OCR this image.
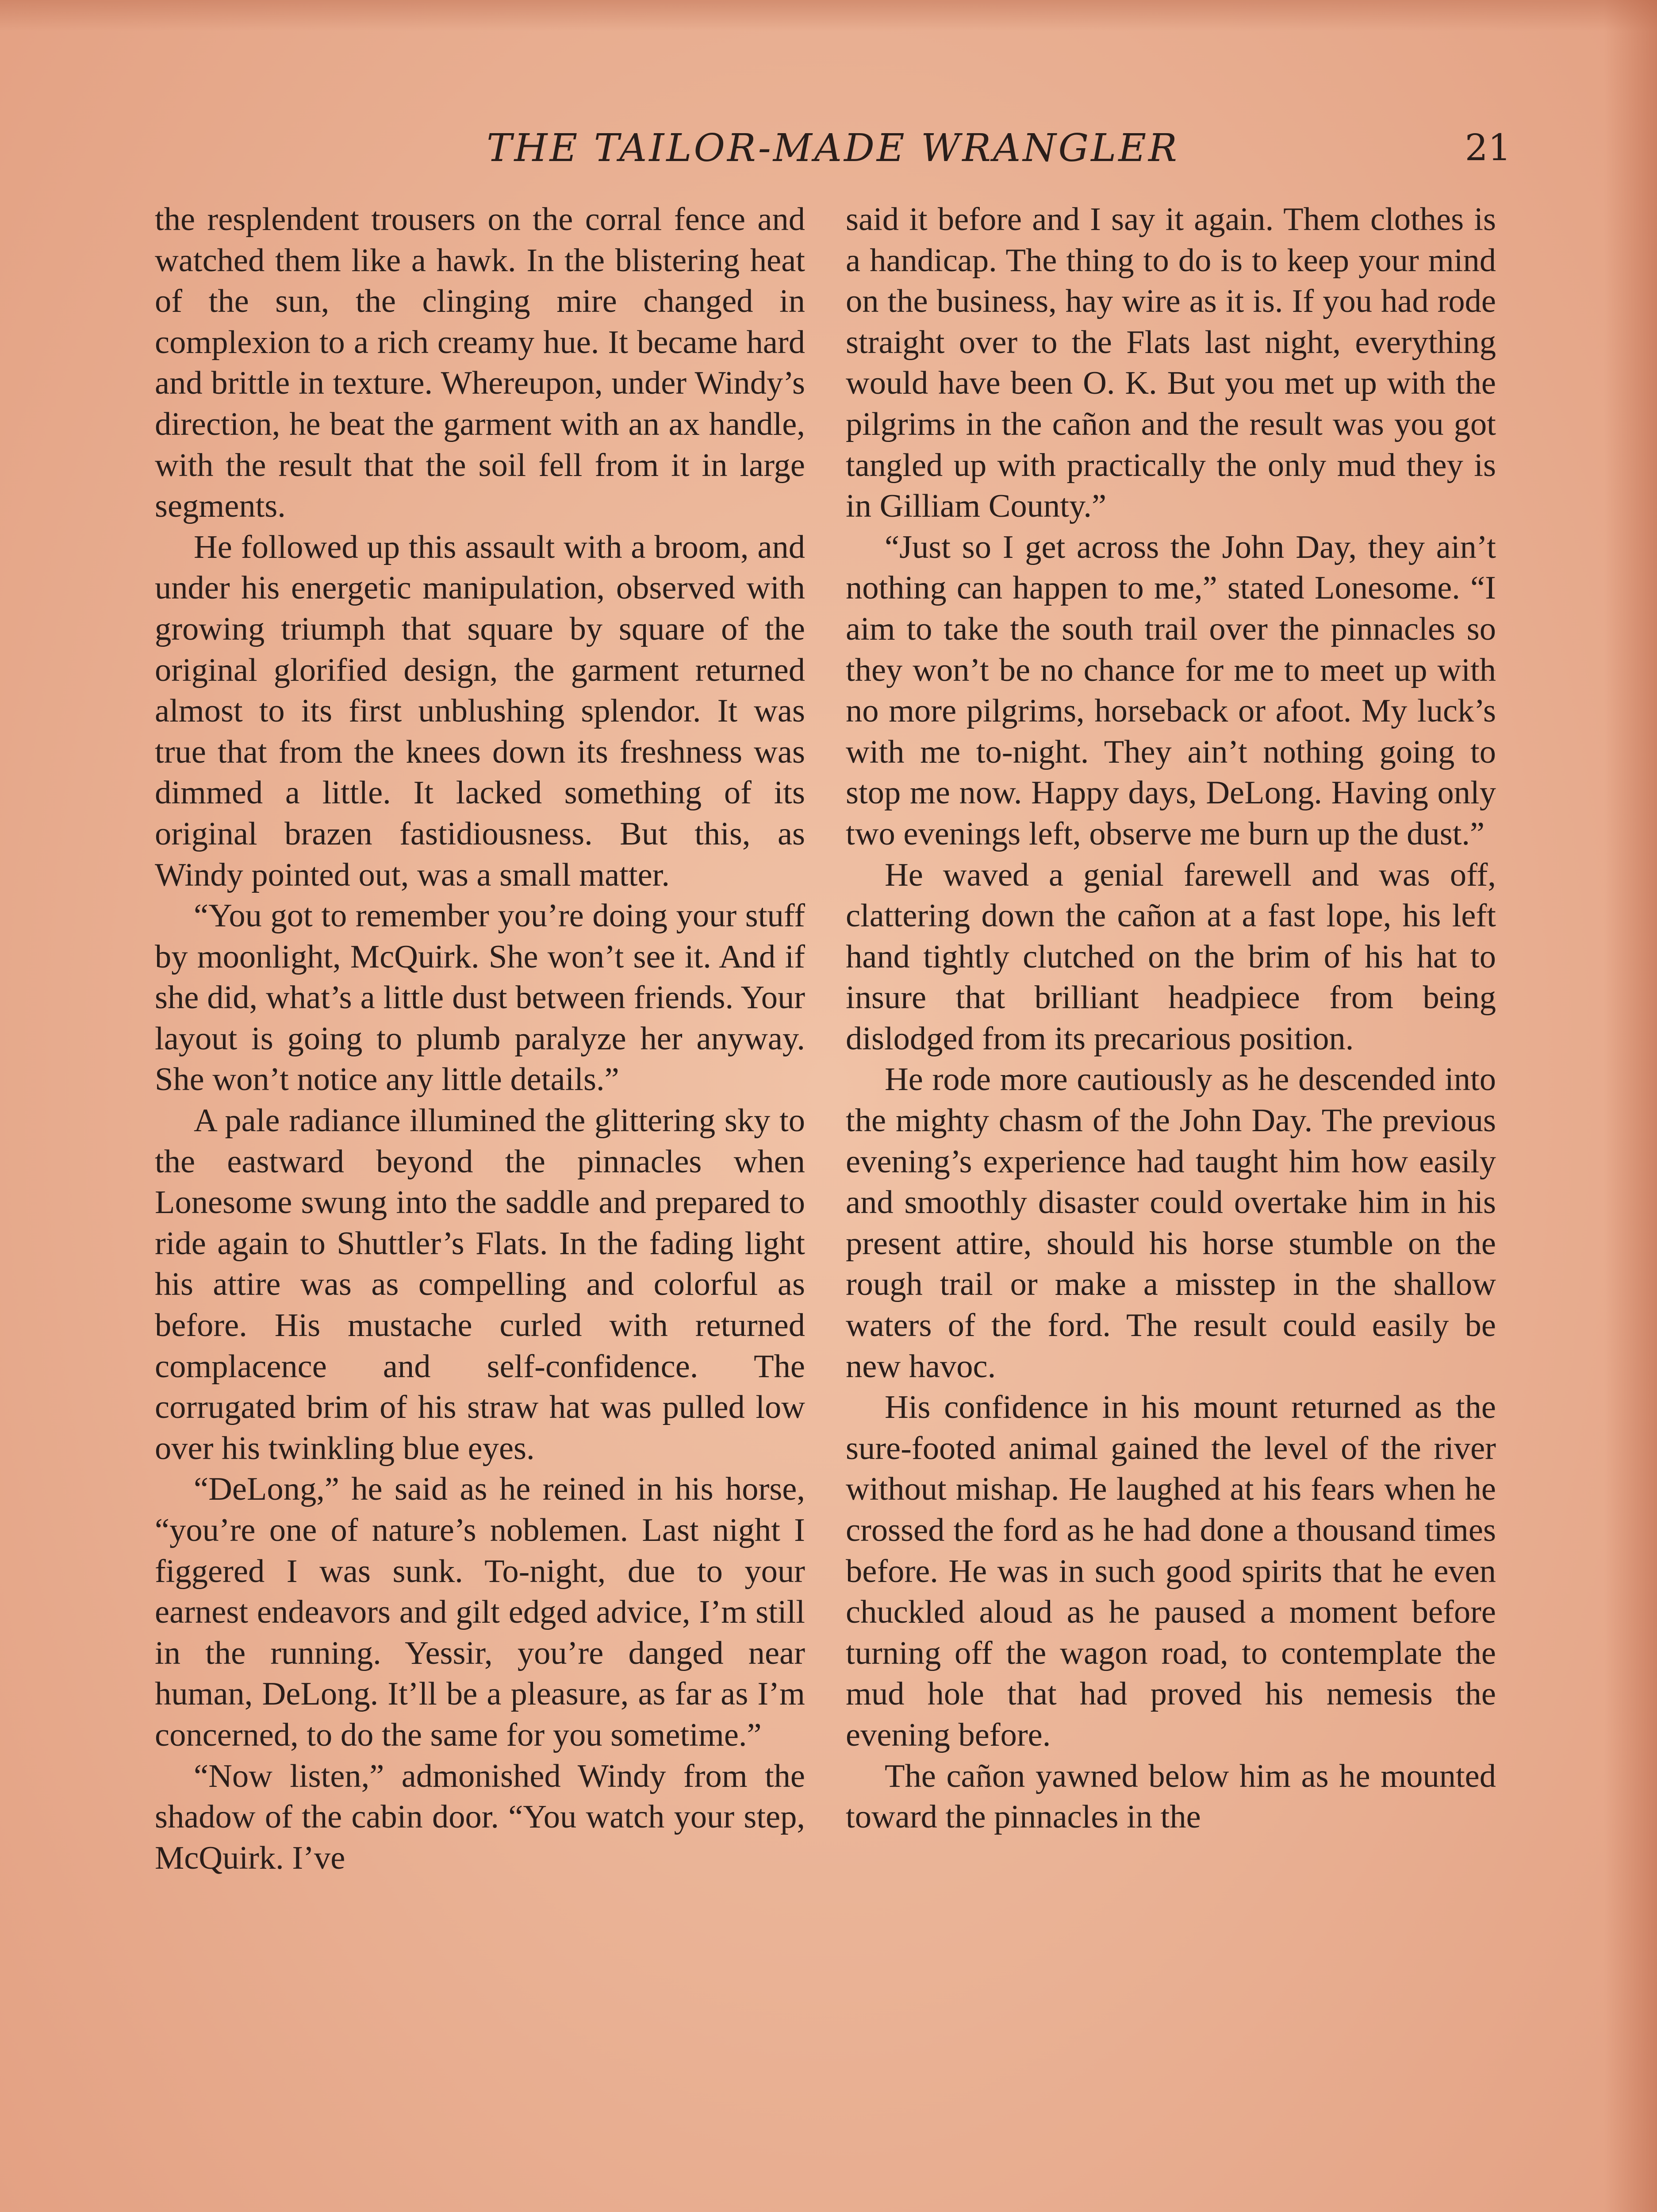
THE TAILOR-MADE WRANGLER	21

the resplendent trousers on the corral fence and watched them like a hawk. In the blistering heat of the sun, the clinging mire changed in complexion to a rich creamy hue. It became hard and brittle in texture. Whereupon, under Windy’s direction, he beat the garment with an ax handle, with the result that the soil fell from it in large segments.

He followed up this assault with a broom, and under his energetic manipulation, observed with growing triumph that square by square of the original glorified design, the garment returned almost to its first unblushing splendor. It was true that from the knees down its freshness was dimmed a little. It lacked something of its original brazen fastidiousness. But this, as Windy pointed out, was a small matter.

“You got to remember you’re doing your stuff by moonlight, McQuirk. She won’t see it. And if she did, what’s a little dust between friends. Your layout is going to plumb paralyze her anyway. She won’t notice any little details.”

A pale radiance illumined the glittering sky to the eastward beyond the pinnacles when Lonesome swung into the saddle and prepared to ride again to Shuttler’s Flats. In the fading light his attire was as compelling and colorful as before. His mustache curled with returned complacence and self-confidence. The corrugated brim of his straw hat was pulled low over his twinkling blue eyes.

“DeLong,” he said as he reined in his horse, “you’re one of nature’s noblemen. Last night I figgered I was sunk. To-night, due to your earnest endeavors and gilt edged advice, I’m still in the running. Yessir, you’re danged near human, DeLong. It’ll be a pleasure, as far as I’m concerned, to do the same for you sometime.”

“Now listen,” admonished Windy from the shadow of the cabin door. “You watch your step, McQuirk. I’ve

said it before and I say it again. Them clothes is a handicap. The thing to do is to keep your mind on the business, hay wire as it is. If you had rode straight over to the Flats last night, everything would have been O. K. But you met up with the pilgrims in the cañon and the result was you got tangled up with practically the only mud they is in Gilliam County.”

“Just so I get across the John Day, they ain’t nothing can happen to me,” stated Lonesome. “I aim to take the south trail over the pinnacles so they won’t be no chance for me to meet up with no more pilgrims, horseback or afoot. My luck’s with me to-night. They ain’t nothing going to stop me now. Happy days, DeLong. Having only two evenings left, observe me burn up the dust.”

He waved a genial farewell and was off, clattering down the cañon at a fast lope, his left hand tightly clutched on the brim of his hat to insure that brilliant headpiece from being dislodged from its precarious position.

He rode more cautiously as he descended into the mighty chasm of the John Day. The previous evening’s experience had taught him how easily and smoothly disaster could overtake him in his present attire, should his horse stumble on the rough trail or make a misstep in the shallow waters of the ford. The result could easily be new havoc.

His confidence in his mount returned as the sure-footed animal gained the level of the river without mishap. He laughed at his fears when he crossed the ford as he had done a thousand times before. He was in such good spirits that he even chuckled aloud as he paused a moment before turning off the wagon road, to contemplate the mud hole that had proved his nemesis the evening before.

The cañon yawned below him as he mounted toward the pinnacles in the
